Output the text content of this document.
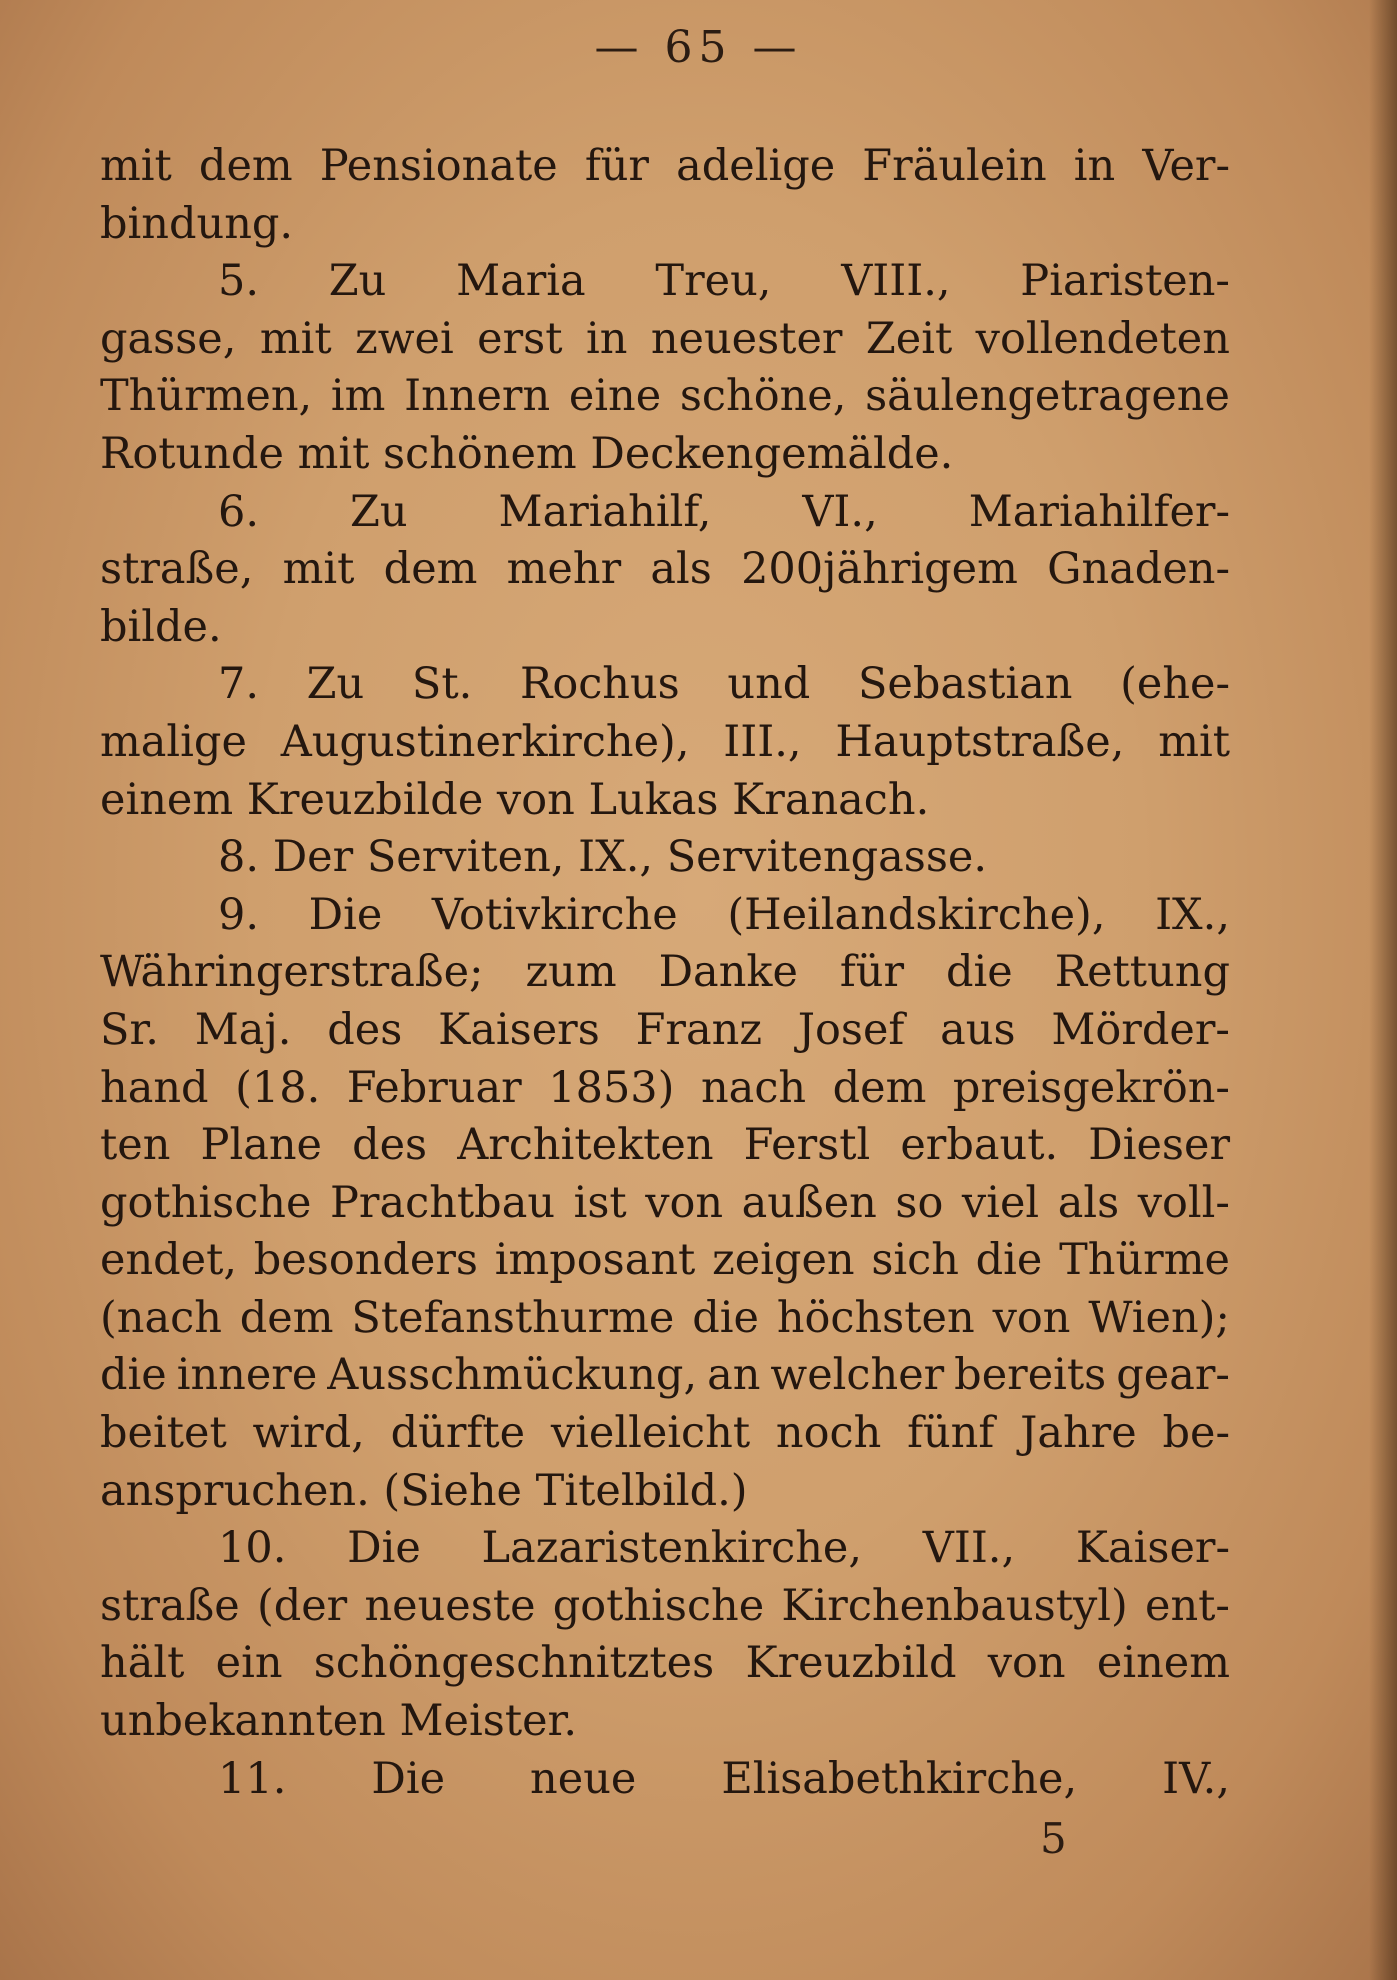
— 65 —
mit dem Pensionate für adelige Fräulein in Ver-
bindung.
5. Zu Maria Treu, VIII., Piaristen-
gasse, mit zwei erst in neuester Zeit vollendeten
Thürmen, im Innern eine schöne, säulengetragene
Rotunde mit schönem Deckengemälde.
6. Zu Mariahilf, VI., Mariahilfer-
straße, mit dem mehr als 200jährigem Gnaden-
bilde.
7. Zu St. Rochus und Sebastian (ehe-
malige Augustinerkirche), III., Hauptstraße, mit
einem Kreuzbilde von Lukas Kranach.
8. Der Serviten, IX., Servitengasse.
9. Die Votivkirche (Heilandskirche), IX.,
Währingerstraße; zum Danke für die Rettung
Sr. Maj. des Kaisers Franz Josef aus Mörder-
hand (18. Februar 1853) nach dem preisgekrön-
ten Plane des Architekten Ferstl erbaut. Dieser
gothische Prachtbau ist von außen so viel als voll-
endet, besonders imposant zeigen sich die Thürme
(nach dem Stefansthurme die höchsten von Wien);
die innere Ausschmückung, an welcher bereits gear-
beitet wird, dürfte vielleicht noch fünf Jahre be-
anspruchen. (Siehe Titelbild.)
10. Die Lazaristenkirche, VII., Kaiser-
straße (der neueste gothische Kirchenbaustyl) ent-
hält ein schöngeschnitztes Kreuzbild von einem
unbekannten Meister.
11. Die neue Elisabethkirche, IV.,
5
